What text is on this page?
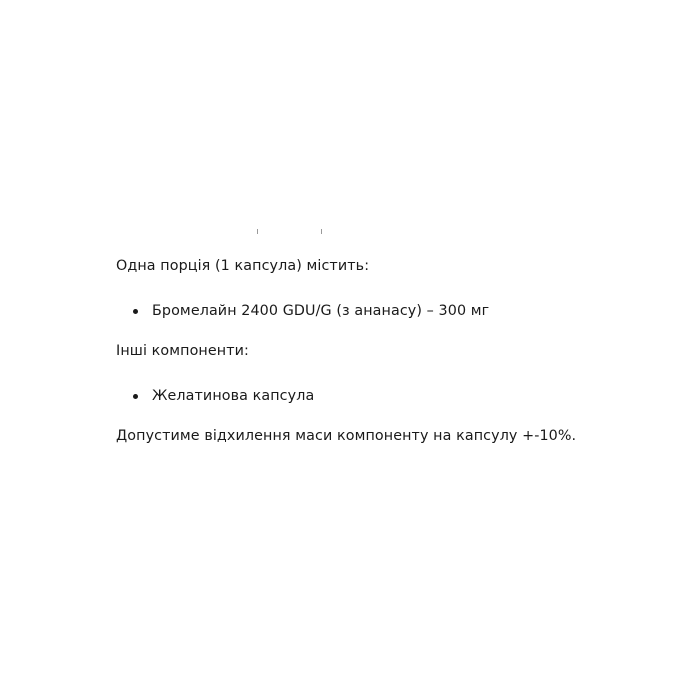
Одна порція (1 капсула) містить:

Бромелайн 2400 GDU/G (з ананасу) – 300 мг

Інші компоненти:

Желатинова капсула

Допустиме відхилення маси компоненту на капсулу +-10%.
